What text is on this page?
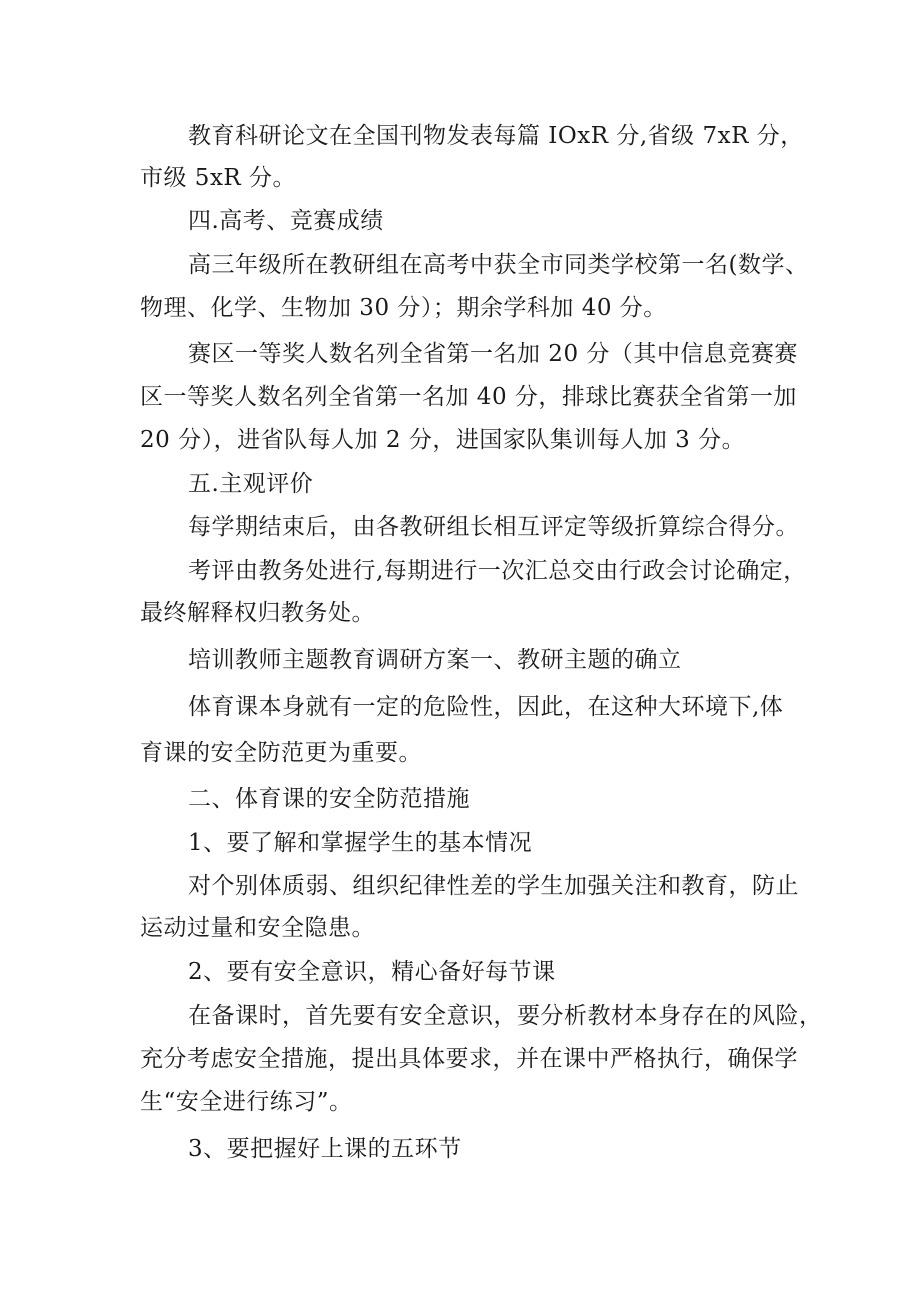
教育科研论文在全国刊物发表每篇 IOxR 分,省级 7xR 分，
市级 5xR 分。
四.高考、竞赛成绩
高三年级所在教研组在高考中获全市同类学校第一名(数学、
物理、化学、生物加 30 分）；期余学科加 40 分。
赛区一等奖人数名列全省第一名加 20 分（其中信息竞赛赛
区一等奖人数名列全省第一名加 40 分，排球比赛获全省第一加
20 分），进省队每人加 2 分，进国家队集训每人加 3 分。
五.主观评价
每学期结束后，由各教研组长相互评定等级折算综合得分。
考评由教务处进行,每期进行一次汇总交由行政会讨论确定，
最终解释权归教务处。
培训教师主题教育调研方案一、教研主题的确立
体育课本身就有一定的危险性，因此，在这种大环境下,体
育课的安全防范更为重要。
二、体育课的安全防范措施
1、要了解和掌握学生的基本情况
对个别体质弱、组织纪律性差的学生加强关注和教育，防止
运动过量和安全隐患。
2、要有安全意识，精心备好每节课
在备课时，首先要有安全意识，要分析教材本身存在的风险，
充分考虑安全措施，提出具体要求，并在课中严格执行，确保学
生“安全进行练习”。
3、要把握好上课的五环节
